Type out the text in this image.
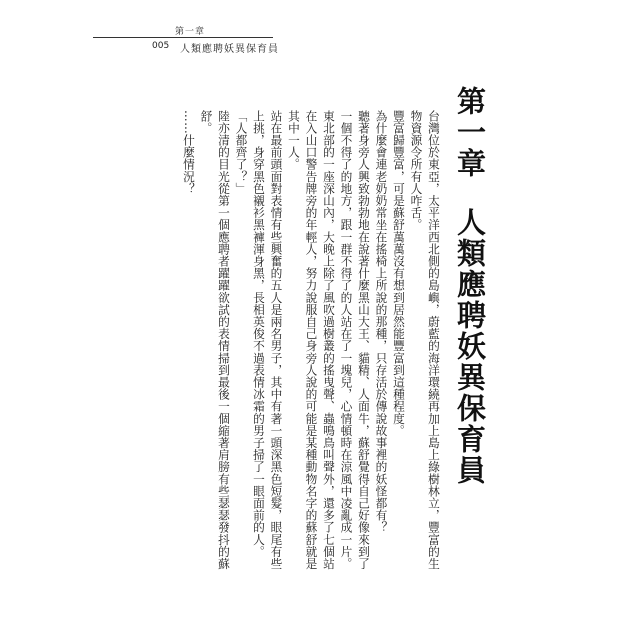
第一章
005 人類應聘妖異保育員
第一章人類應聘妖異保育員

台灣位於東亞，太平洋西北側的島嶼，蔚藍的海洋環繞再加上島上綠樹林立，豐富的生物資源令所有人咋舌。

豐富歸豐富，可是蘇舒萬萬沒有想到居然能豐富到這種程度。

為什麼會連老奶奶常坐在搖椅上所說的那種，只存活於傳說故事裡的妖怪都有？

聽著身旁人興致勃勃地在說著什麼黑山大王、貓精、人面牛，蘇舒覺得自己好像來到了一個不得了的地方，跟一群不得了的人站在了一塊兒，心情頓時在涼風中凌亂成一片。

東北部的一座深山內，大晚上除了風吹過樹叢的搖曳聲、蟲鳴鳥叫聲外，還多了七個站在入山口警告牌旁的年輕人，努力說服自己身旁人說的可能是某種動物名字的蘇舒就是其中一人。

站在最前頭面對表情有些興奮的五人是兩名男子，其中有著一頭深黑色短髮，眼尾有些上挑，身穿黑色襯衫黑褲渾身黑，長相英俊不過表情冰霜的男子掃了一眼面前的人。

「人都齊了？」

陸亦清的目光從第一個應聘者躍躍欲試的表情掃到最後一個縮著肩膀有些瑟瑟發抖的蘇舒。

……什麼情況？
